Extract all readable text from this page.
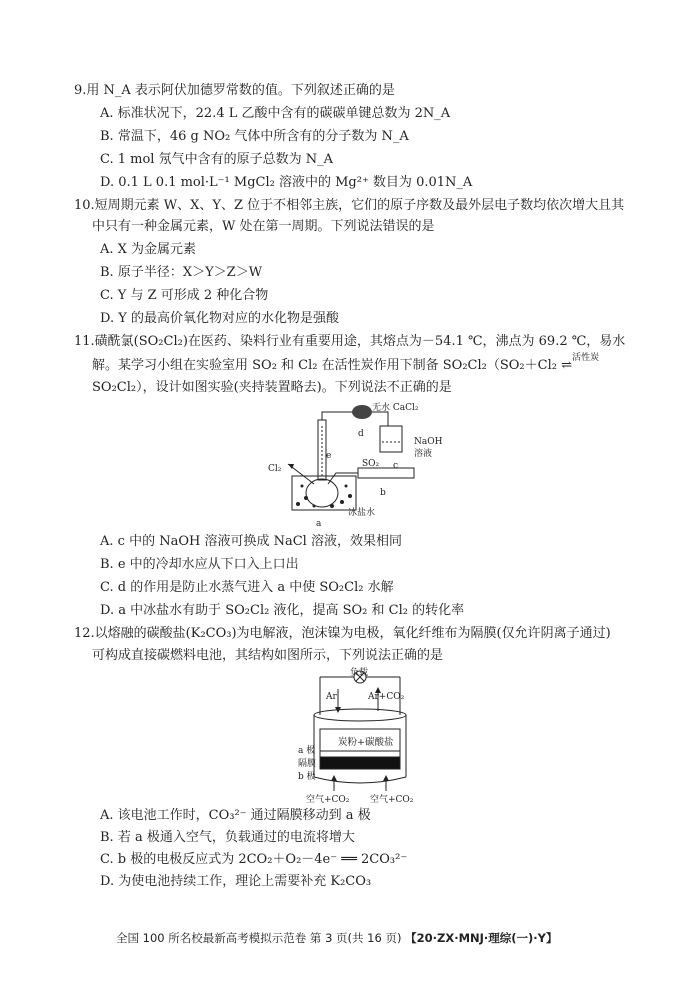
9.用 N_A 表示阿伏加德罗常数的值。下列叙述正确的是
A. 标准状况下，22.4 L 乙酸中含有的碳碳单键总数为 2N_A
B. 常温下，46 g NO₂ 气体中所含有的分子数为 N_A
C. 1 mol 氖气中含有的原子总数为 N_A
D. 0.1 L 0.1 mol·L⁻¹ MgCl₂ 溶液中的 Mg²⁺ 数目为 0.01N_A
10.短周期元素 W、X、Y、Z 位于不相邻主族，它们的原子序数及最外层电子数均依次增大且其
中只有一种金属元素，W 处在第一周期。下列说法错误的是
A. X 为金属元素
B. 原子半径：X＞Y＞Z＞W
C. Y 与 Z 可形成 2 种化合物
D. Y 的最高价氧化物对应的水化物是强酸
11.磺酰氯(SO₂Cl₂)在医药、染料行业有重要用途，其熔点为－54.1 ℃，沸点为 69.2 ℃，易水
解。某学习小组在实验室用 SO₂ 和 Cl₂ 在活性炭作用下制备 SO₂Cl₂（SO₂＋Cl₂ ⇌ $^{活性炭}$
SO₂Cl₂），设计如图实验(夹持装置略去)。下列说法不正确的是
无水 CaCl₂
NaOH
溶液
d
c
e
Cl₂	SO₂
b
冰盐水
a
A. c 中的 NaOH 溶液可换成 NaCl 溶液，效果相同
B. e 中的冷却水应从下口入上口出
C. d 的作用是防止水蒸气进入 a 中使 SO₂Cl₂ 水解
D. a 中冰盐水有助于 SO₂Cl₂ 液化，提高 SO₂ 和 Cl₂ 的转化率
12.以熔融的碳酸盐(K₂CO₃)为电解液，泡沫镍为电极，氧化纤维布为隔膜(仅允许阴离子通过)
可构成直接碳燃料电池，其结构如图所示，下列说法正确的是
负载
Ar	Ar+CO₂
炭粉+碳酸盐
a 极
隔膜
b 极
空气+CO₂ 空气+CO₂
A. 该电池工作时，CO₃²⁻ 通过隔膜移动到 a 极
B. 若 a 极通入空气，负载通过的电流将增大
C. b 极的电极反应式为 2CO₂＋O₂－4e⁻ ══ 2CO₃²⁻
D. 为使电池持续工作，理论上需要补充 K₂CO₃
全国 100 所名校最新高考模拟示范卷 第 3 页(共 16 页) 【20·ZX·MNJ·理综(一)·Y】
